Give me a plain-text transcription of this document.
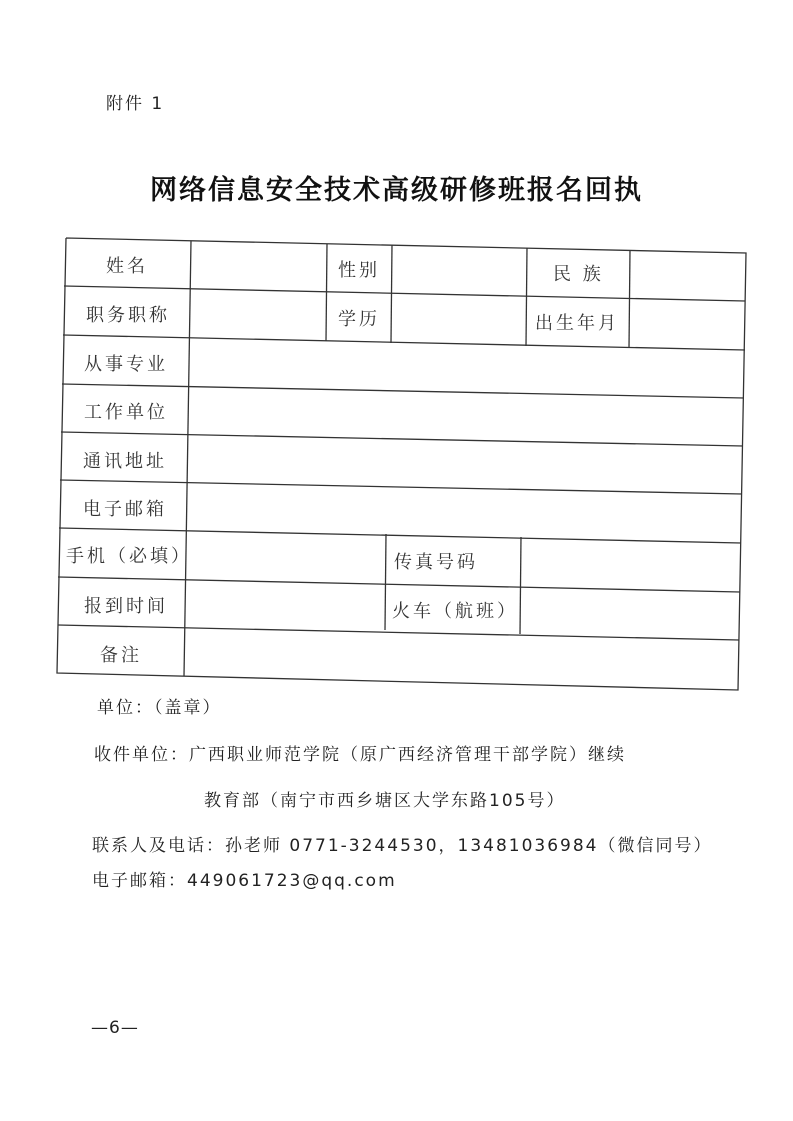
附件 1
网络信息安全技术高级研修班报名回执
姓名	性别	民 族
职务职称	学历	出生年月
从事专业
工作单位
通讯地址
电子邮箱
手机（必填）	传真号码
报到时间	火车（航班）
备注
单位：（盖章）
收件单位：广西职业师范学院（原广西经济管理干部学院）继续
教育部（南宁市西乡塘区大学东路105号）
联系人及电话：孙老师 0771-3244530，13481036984（微信同号）
电子邮箱：449061723@qq.com
—6—
